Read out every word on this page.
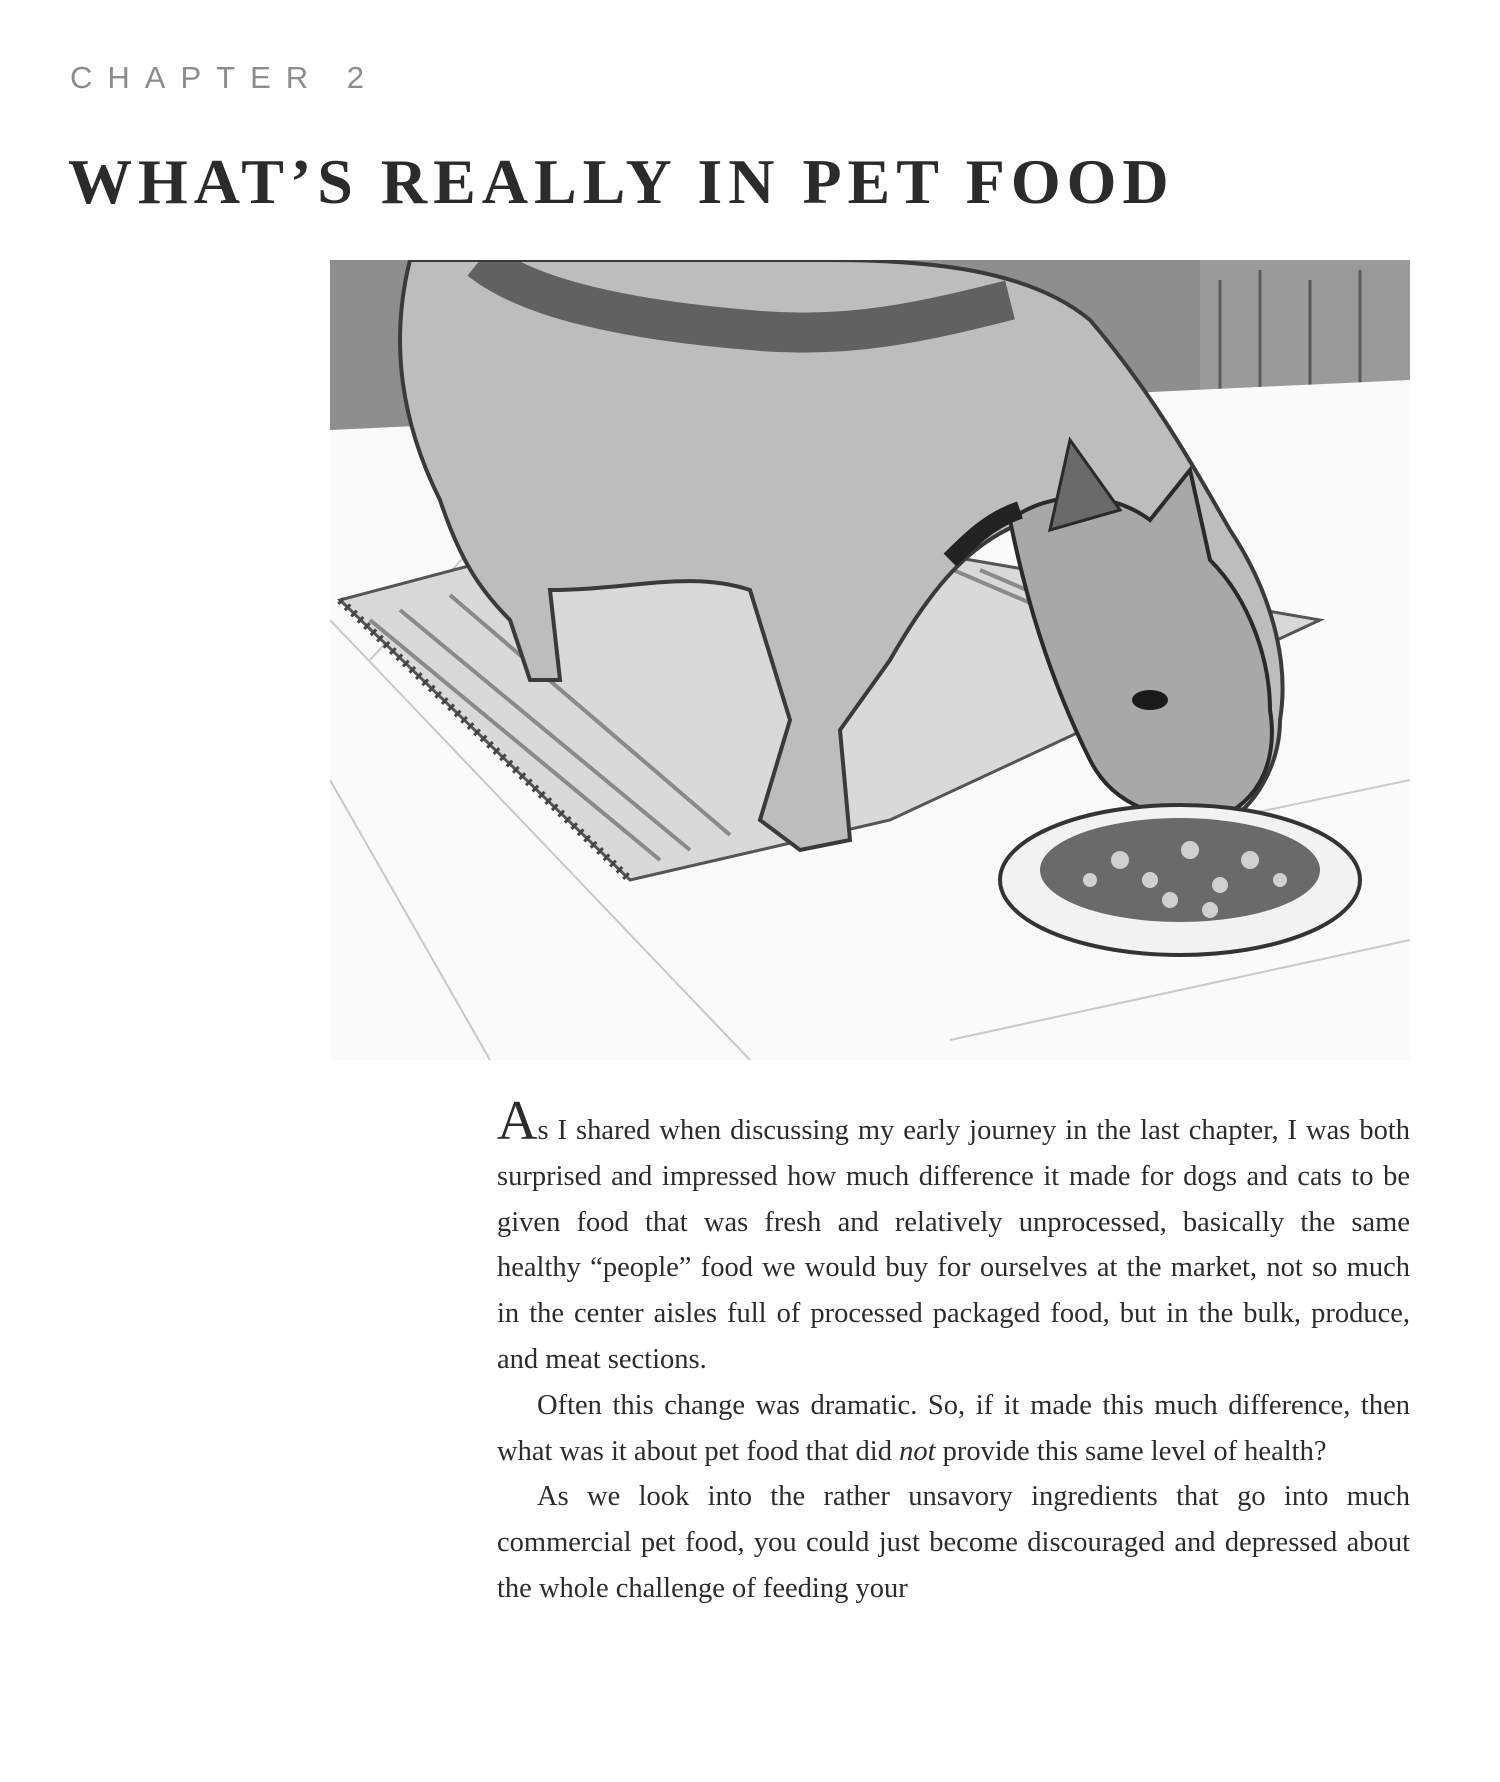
CHAPTER 2
WHAT’S REALLY IN PET FOOD

As I shared when discussing my early journey in the last chapter, I was both surprised and impressed how much difference it made for dogs and cats to be given food that was fresh and relatively unprocessed, basically the same healthy “people” food we would buy for ourselves at the market, not so much in the center aisles full of processed packaged food, but in the bulk, produce, and meat sections.

Often this change was dramatic. So, if it made this much difference, then what was it about pet food that did not provide this same level of health?

As we look into the rather unsavory ingredients that go into much commercial pet food, you could just become discouraged and depressed about the whole challenge of feeding your
